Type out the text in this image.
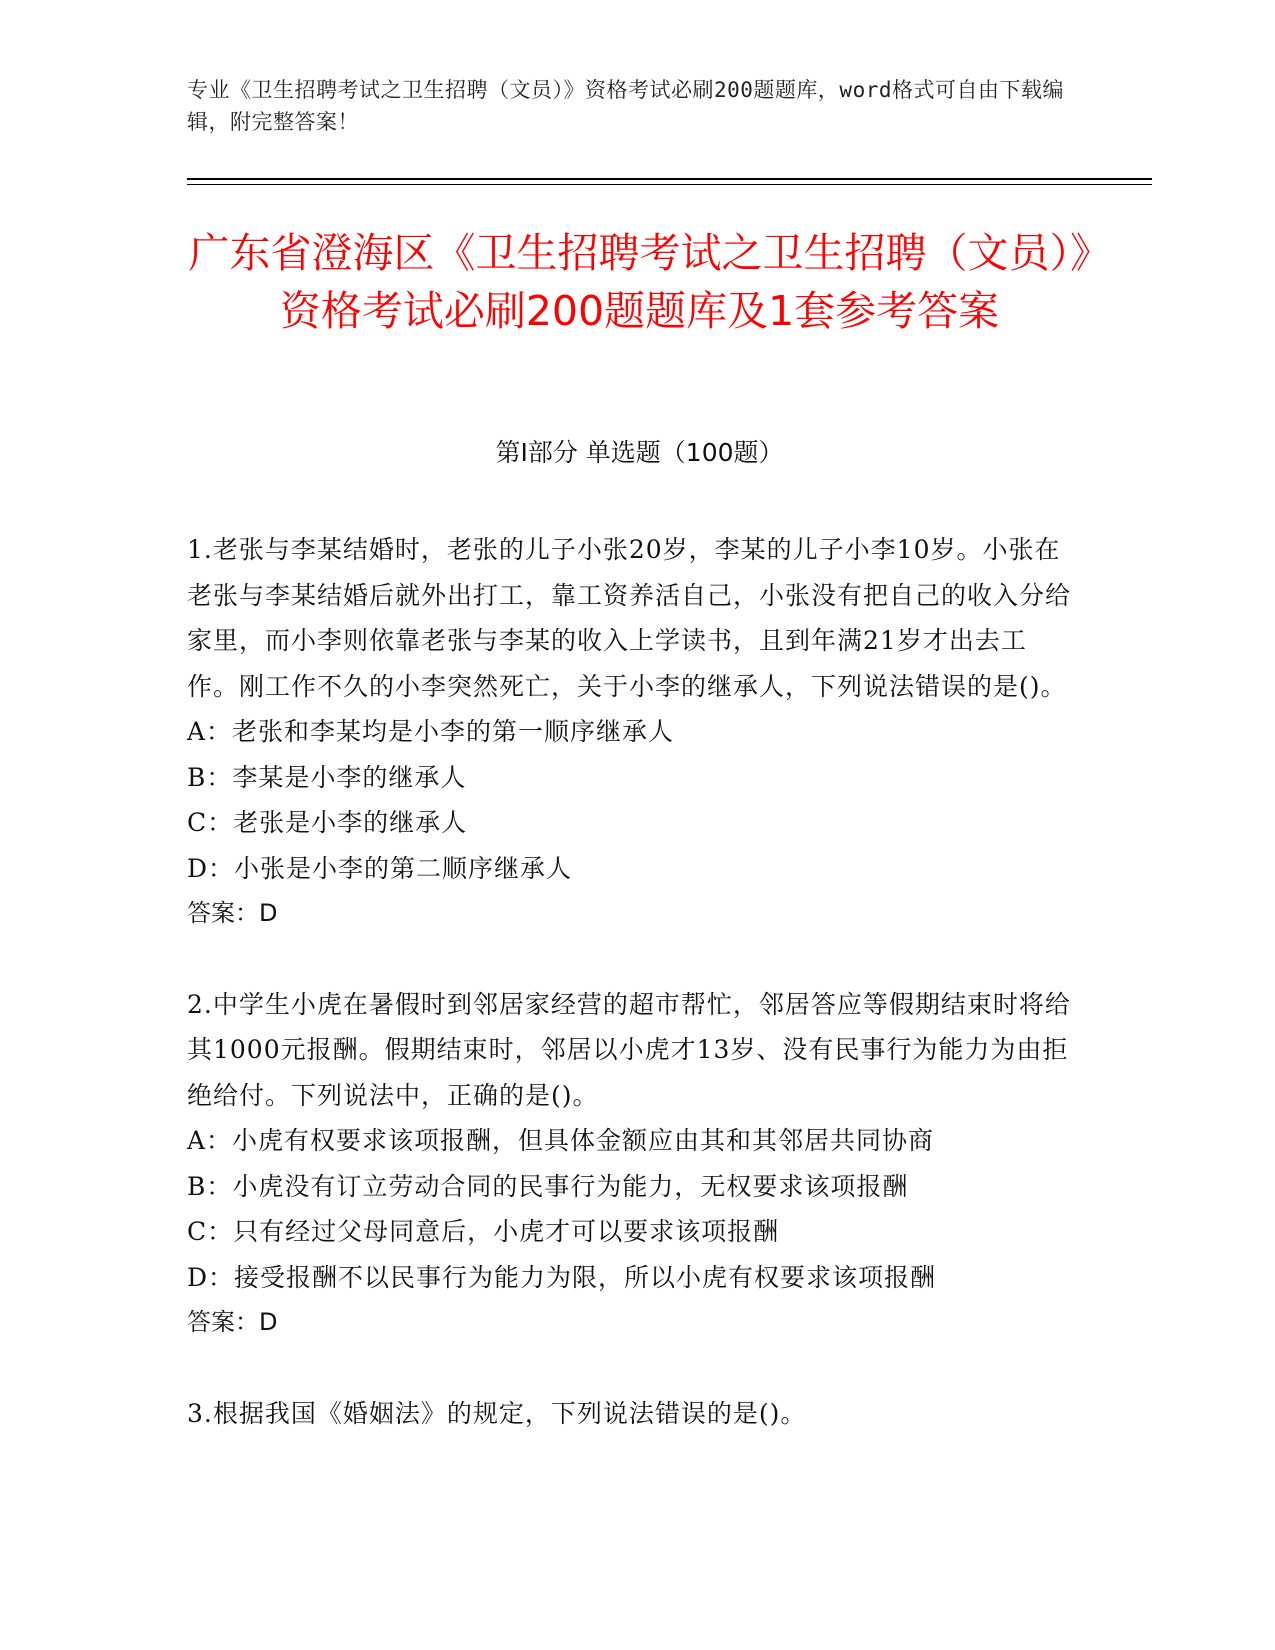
专业《卫生招聘考试之卫生招聘（文员）》资格考试必刷200题题库，word格式可自由下载编辑，附完整答案！
广东省澄海区《卫生招聘考试之卫生招聘（文员）》资格考试必刷200题题库及1套参考答案
第I部分 单选题（100题）

1.老张与李某结婚时，老张的儿子小张20岁，李某的儿子小李10岁。小张在老张与李某结婚后就外出打工，靠工资养活自己，小张没有把自己的收入分给家里，而小李则依靠老张与李某的收入上学读书，且到年满21岁才出去工作。刚工作不久的小李突然死亡，关于小李的继承人，下列说法错误的是()。

A：老张和李某均是小李的第一顺序继承人

B：李某是小李的继承人

C：老张是小李的继承人

D：小张是小李的第二顺序继承人

答案：D

2.中学生小虎在暑假时到邻居家经营的超市帮忙，邻居答应等假期结束时将给其1000元报酬。假期结束时，邻居以小虎才13岁、没有民事行为能力为由拒绝给付。下列说法中，正确的是()。

A：小虎有权要求该项报酬，但具体金额应由其和其邻居共同协商

B：小虎没有订立劳动合同的民事行为能力，无权要求该项报酬

C：只有经过父母同意后，小虎才可以要求该项报酬

D：接受报酬不以民事行为能力为限，所以小虎有权要求该项报酬

答案：D

3.根据我国《婚姻法》的规定，下列说法错误的是()。
